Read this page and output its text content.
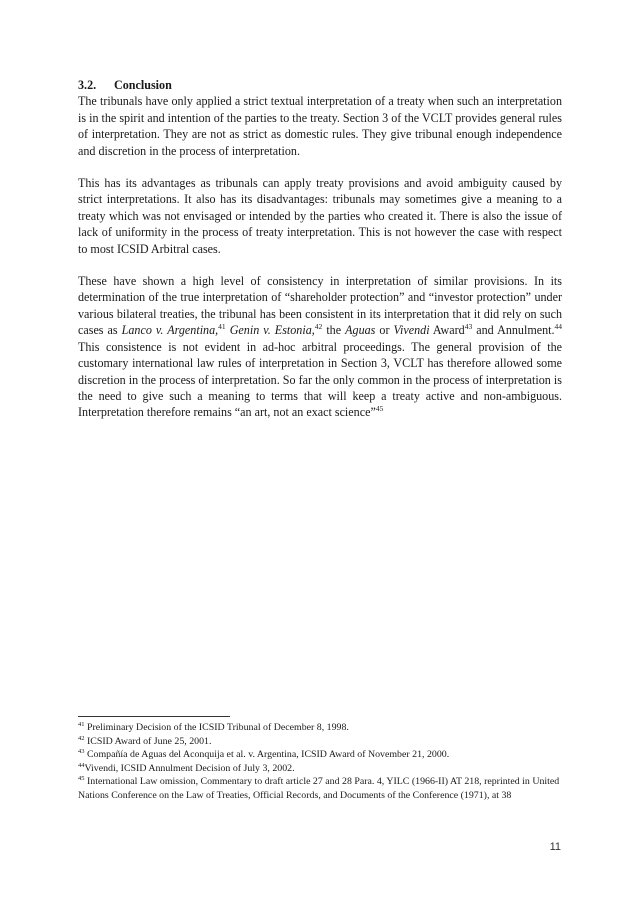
3.2. Conclusion

The tribunals have only applied a strict textual interpretation of a treaty when such an interpretation is in the spirit and intention of the parties to the treaty. Section 3 of the VCLT provides general rules of interpretation. They are not as strict as domestic rules. They give tribunal enough independence and discretion in the process of interpretation.

This has its advantages as tribunals can apply treaty provisions and avoid ambiguity caused by strict interpretations. It also has its disadvantages: tribunals may sometimes give a meaning to a treaty which was not envisaged or intended by the parties who created it. There is also the issue of lack of uniformity in the process of treaty interpretation. This is not however the case with respect to most ICSID Arbitral cases.

These have shown a high level of consistency in interpretation of similar provisions. In its determination of the true interpretation of “shareholder protection” and “investor protection” under various bilateral treaties, the tribunal has been consistent in its interpretation that it did rely on such cases as Lanco v. Argentina,$^{41}$ Genin v. Estonia,$^{42}$ the Aguas or Vivendi Award$^{43}$ and Annulment.$^{44}$ This consistence is not evident in ad-hoc arbitral proceedings. The general provision of the customary international law rules of interpretation in Section 3, VCLT has therefore allowed some discretion in the process of interpretation. So far the only common in the process of interpretation is the need to give such a meaning to terms that will keep a treaty active and non-ambiguous. Interpretation therefore remains “an art, not an exact science”$^{45}$

$^{41}$ Preliminary Decision of the ICSID Tribunal of December 8, 1998.
$^{42}$ ICSID Award of June 25, 2001.
$^{43}$ Compañía de Aguas del Aconquija et al. v. Argentina, ICSID Award of November 21, 2000.
$^{44}$Vivendi, ICSID Annulment Decision of July 3, 2002.
$^{45}$ International Law omission, Commentary to draft article 27 and 28 Para. 4, YILC (1966-II) AT 218, reprinted in United Nations Conference on the Law of Treaties, Official Records, and Documents of the Conference (1971), at 38
11
